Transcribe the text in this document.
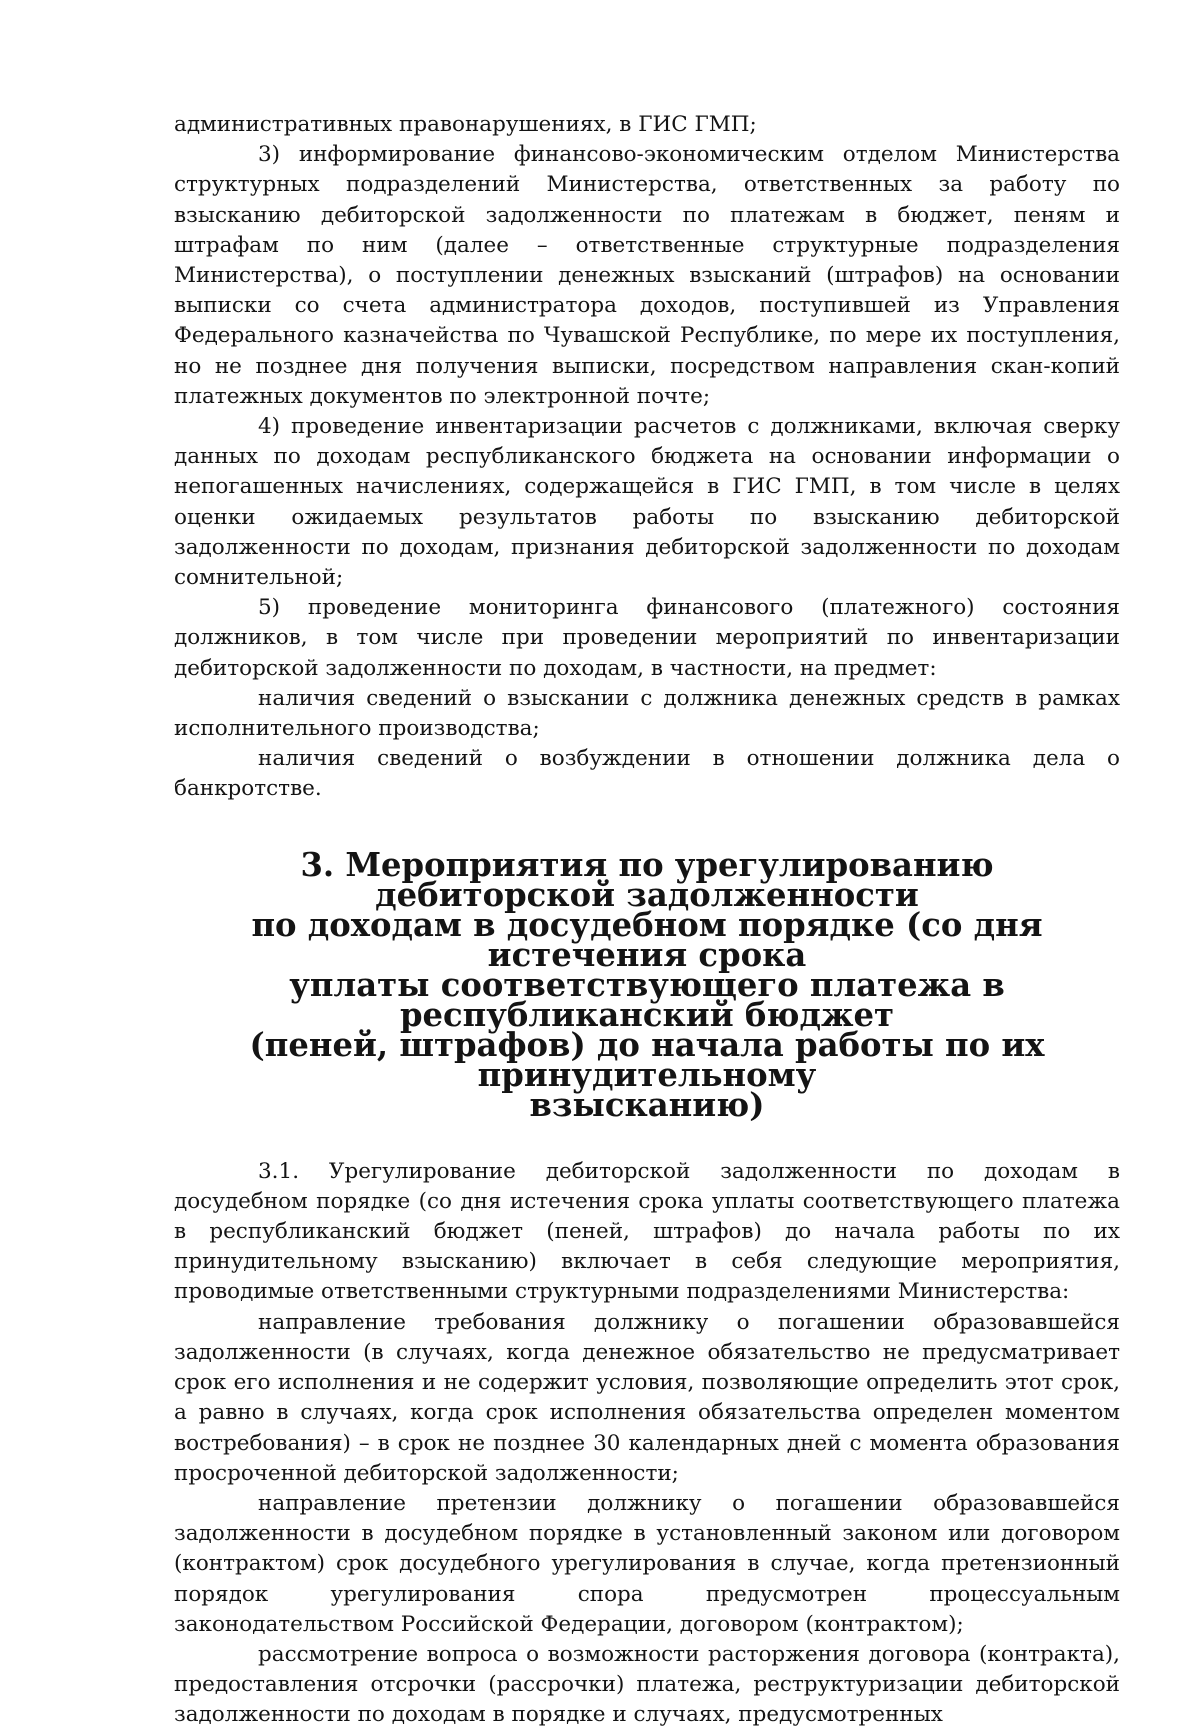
административных правонарушениях, в ГИС ГМП;

3) информирование финансово-экономическим отделом Министерства структурных подразделений Министерства, ответственных за работу по взысканию дебиторской задолженности по платежам в бюджет, пеням и штрафам по ним (далее – ответственные структурные подразделения Министерства), о поступлении денежных взысканий (штрафов) на основании выписки со счета администратора доходов, поступившей из Управления Федерального казначейства по Чувашской Республике, по мере их поступления, но не позднее дня получения выписки, посредством направления скан-копий платежных документов по электронной почте;

4) проведение инвентаризации расчетов с должниками, включая сверку данных по доходам республиканского бюджета на основании информации о непогашенных начислениях, содержащейся в ГИС ГМП, в том числе в целях оценки ожидаемых результатов работы по взысканию дебиторской задолженности по доходам, признания дебиторской задолженности по доходам сомнительной;

5) проведение мониторинга финансового (платежного) состояния должников, в том числе при проведении мероприятий по инвентаризации дебиторской задолженности по доходам, в частности, на предмет:

наличия сведений о взыскании с должника денежных средств в рамках исполнительного производства;

наличия сведений о возбуждении в отношении должника дела о банкротстве.

3. Мероприятия по урегулированию дебиторской задолженности
по доходам в досудебном порядке (со дня истечения срока
уплаты соответствующего платежа в республиканский бюджет
(пеней, штрафов) до начала работы по их принудительному
взысканию)

3.1. Урегулирование дебиторской задолженности по доходам в досудебном порядке (со дня истечения срока уплаты соответствующего платежа в республиканский бюджет (пеней, штрафов) до начала работы по их принудительному взысканию) включает в себя следующие мероприятия, проводимые ответственными структурными подразделениями Министерства:

направление требования должнику о погашении образовавшейся задолженности (в случаях, когда денежное обязательство не предусматривает срок его исполнения и не содержит условия, позволяющие определить этот срок, а равно в случаях, когда срок исполнения обязательства определен моментом востребования) – в срок не позднее 30 календарных дней с момента образования просроченной дебиторской задолженности;

направление претензии должнику о погашении образовавшейся задолженности в досудебном порядке в установленный законом или договором (контрактом) срок досудебного урегулирования в случае, когда претензионный порядок урегулирования спора предусмотрен процессуальным законодательством Российской Федерации, договором (контрактом);

рассмотрение вопроса о возможности расторжения договора (контракта), предоставления отсрочки (рассрочки) платежа, реструктуризации дебиторской задолженности по доходам в порядке и случаях, предусмотренных
